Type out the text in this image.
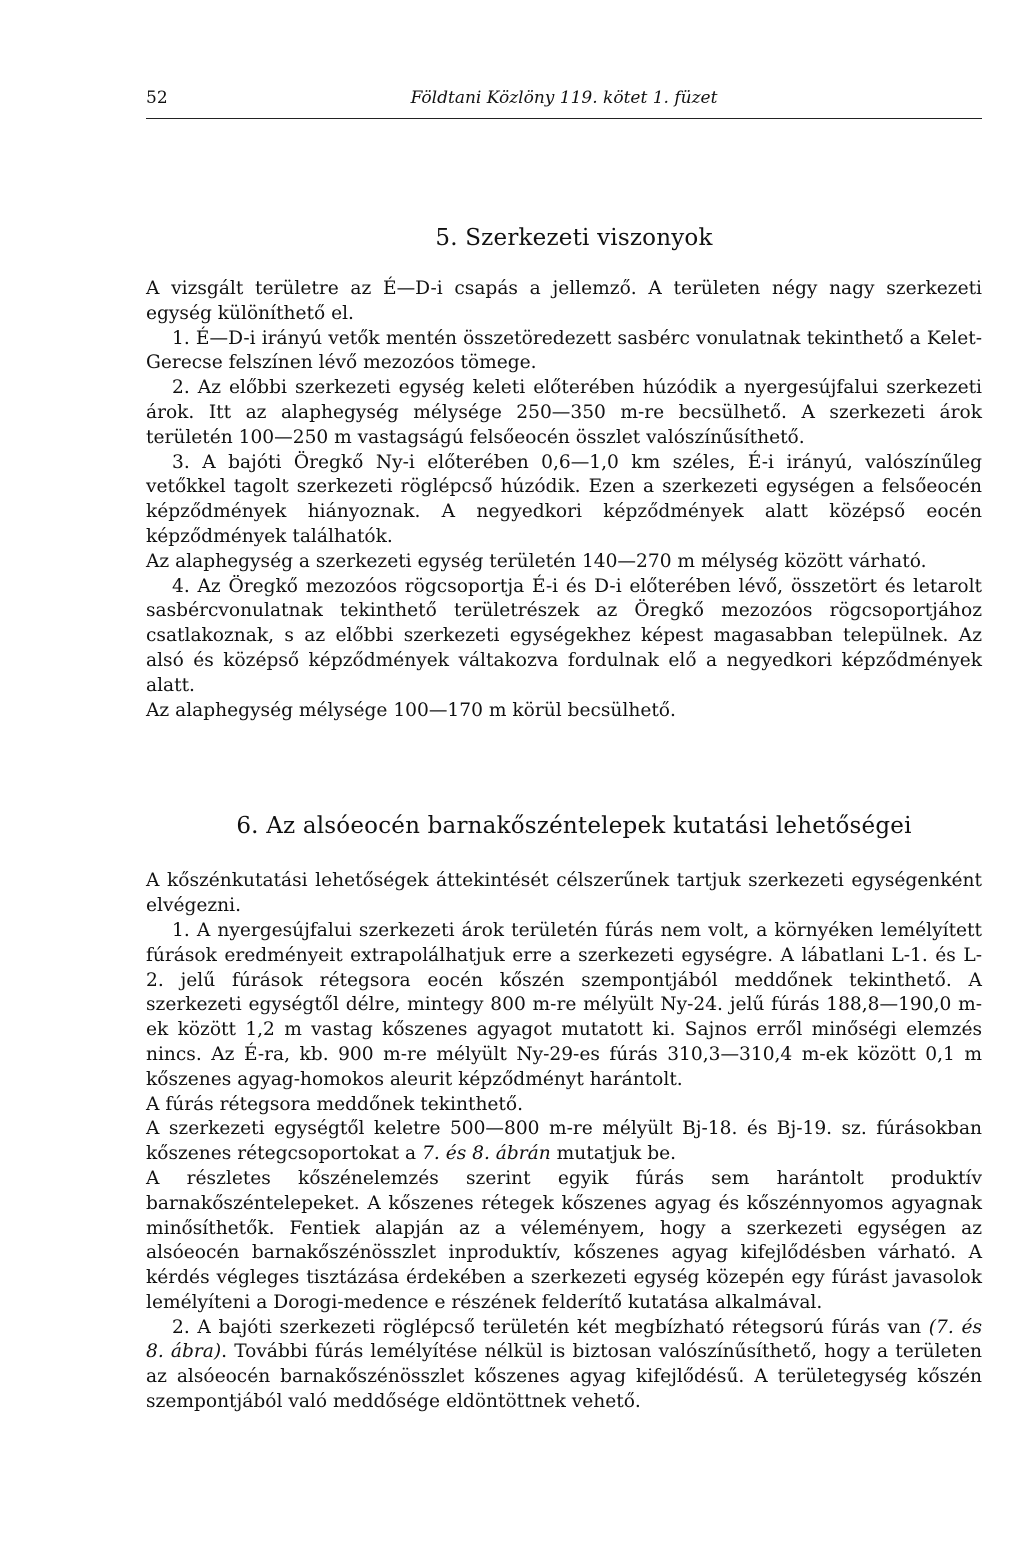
52	Földtani Közlöny 119. kötet 1. füzet
5. Szerkezeti viszonyok

A vizsgált területre az É—D-i csapás a jellemző. A területen négy nagy szerkezeti egység különíthető el.

1. É—D-i irányú vetők mentén összetöredezett sasbérc vonulatnak tekinthető a Kelet-Gerecse felszínen lévő mezozóos tömege.

2. Az előbbi szerkezeti egység keleti előterében húzódik a nyergesújfalui szerkezeti árok. Itt az alaphegység mélysége 250—350 m-re becsülhető. A szerkezeti árok területén 100—250 m vastagságú felsőeocén összlet valószínűsíthető.

3. A bajóti Öregkő Ny-i előterében 0,6—1,0 km széles, É-i irányú, valószínűleg vetőkkel tagolt szerkezeti röglépcső húzódik. Ezen a szerkezeti egységen a felsőeocén képződmények hiányoznak. A negyedkori képződmények alatt középső eocén képződmények találhatók.

Az alaphegység a szerkezeti egység területén 140—270 m mélység között várható.

4. Az Öregkő mezozóos rögcsoportja É-i és D-i előterében lévő, összetört és letarolt sasbércvonulatnak tekinthető területrészek az Öregkő mezozóos rögcsoportjához csatlakoznak, s az előbbi szerkezeti egységekhez képest magasabban települnek. Az alsó és középső képződmények váltakozva fordulnak elő a negyedkori képződmények alatt.

Az alaphegység mélysége 100—170 m körül becsülhető.

6. Az alsóeocén barnakőszéntelepek kutatási lehetőségei

A kőszénkutatási lehetőségek áttekintését célszerűnek tartjuk szerkezeti egységenként elvégezni.

1. A nyergesújfalui szerkezeti árok területén fúrás nem volt, a környéken lemélyített fúrások eredményeit extrapolálhatjuk erre a szerkezeti egységre. A lábatlani L-1. és L-2. jelű fúrások rétegsora eocén kőszén szempontjából meddőnek tekinthető. A szerkezeti egységtől délre, mintegy 800 m-re mélyült Ny-24. jelű fúrás 188,8—190,0 m-ek között 1,2 m vastag kőszenes agyagot mutatott ki. Sajnos erről minőségi elemzés nincs. Az É-ra, kb. 900 m-re mélyült Ny-29-es fúrás 310,3—310,4 m-ek között 0,1 m kőszenes agyag-homokos aleurit képződményt harántolt.

A fúrás rétegsora meddőnek tekinthető.

A szerkezeti egységtől keletre 500—800 m-re mélyült Bj-18. és Bj-19. sz. fúrásokban kőszenes rétegcsoportokat a 7. és 8. ábrán mutatjuk be.

A részletes kőszénelemzés szerint egyik fúrás sem harántolt produktív barnakőszéntelepeket. A kőszenes rétegek kőszenes agyag és kőszénnyomos agyagnak minősíthetők. Fentiek alapján az a véleményem, hogy a szerkezeti egységen az alsóeocén barnakőszénösszlet inproduktív, kőszenes agyag kifejlődésben várható. A kérdés végleges tisztázása érdekében a szerkezeti egység közepén egy fúrást javasolok lemélyíteni a Dorogi-medence e részének felderítő kutatása alkalmával.

2. A bajóti szerkezeti röglépcső területén két megbízható rétegsorú fúrás van (7. és 8. ábra). További fúrás lemélyítése nélkül is biztosan valószínűsíthető, hogy a területen az alsóeocén barnakőszénösszlet kőszenes agyag kifejlődésű. A területegység kőszén szempontjából való meddősége eldöntöttnek vehető.
